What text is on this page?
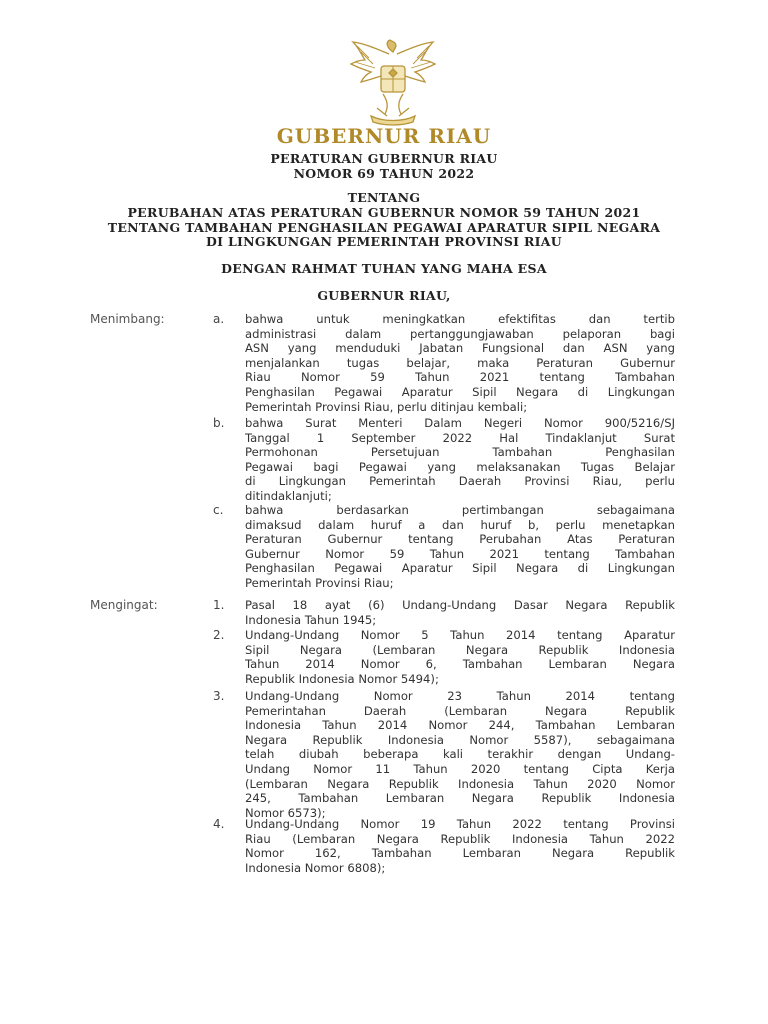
GUBERNUR RIAU
PERATURAN GUBERNUR RIAU
NOMOR 69 TAHUN 2022
TENTANG
PERUBAHAN ATAS PERATURAN GUBERNUR NOMOR 59 TAHUN 2021
TENTANG TAMBAHAN PENGHASILAN PEGAWAI APARATUR SIPIL NEGARA
DI LINGKUNGAN PEMERINTAH PROVINSI RIAU
DENGAN RAHMAT TUHAN YANG MAHA ESA
GUBERNUR RIAU,
Menimbang:	a. bahwa untuk meningkatkan efektifitas dan tertib
administrasi dalam pertanggungjawaban pelaporan bagi
ASN yang menduduki Jabatan Fungsional dan ASN yang
menjalankan tugas belajar, maka Peraturan Gubernur
Riau Nomor 59 Tahun 2021 tentang Tambahan
Penghasilan Pegawai Aparatur Sipil Negara di Lingkungan
Pemerintah Provinsi Riau, perlu ditinjau kembali;
b. bahwa Surat Menteri Dalam Negeri Nomor 900/5216/SJ
Tanggal 1 September 2022 Hal Tindaklanjut Surat
Permohonan Persetujuan Tambahan Penghasilan
Pegawai bagi Pegawai yang melaksanakan Tugas Belajar
di Lingkungan Pemerintah Daerah Provinsi Riau, perlu
ditindaklanjuti;
c. bahwa berdasarkan pertimbangan sebagaimana
dimaksud dalam huruf a dan huruf b, perlu menetapkan
Peraturan Gubernur tentang Perubahan Atas Peraturan
Gubernur Nomor 59 Tahun 2021 tentang Tambahan
Penghasilan Pegawai Aparatur Sipil Negara di Lingkungan
Pemerintah Provinsi Riau;
Mengingat:	1. Pasal 18 ayat (6) Undang-Undang Dasar Negara Republik
Indonesia Tahun 1945;
2. Undang-Undang Nomor 5 Tahun 2014 tentang Aparatur
Sipil Negara (Lembaran Negara Republik Indonesia
Tahun 2014 Nomor 6, Tambahan Lembaran Negara
Republik Indonesia Nomor 5494);
3. Undang-Undang Nomor 23 Tahun 2014 tentang
Pemerintahan Daerah (Lembaran Negara Republik
Indonesia Tahun 2014 Nomor 244, Tambahan Lembaran
Negara Republik Indonesia Nomor 5587), sebagaimana
telah diubah beberapa kali terakhir dengan Undang-
Undang Nomor 11 Tahun 2020 tentang Cipta Kerja
(Lembaran Negara Republik Indonesia Tahun 2020 Nomor
245, Tambahan Lembaran Negara Republik Indonesia
Nomor 6573);
4. Undang-Undang Nomor 19 Tahun 2022 tentang Provinsi
Riau (Lembaran Negara Republik Indonesia Tahun 2022
Nomor 162, Tambahan Lembaran Negara Republik
Indonesia Nomor 6808);
